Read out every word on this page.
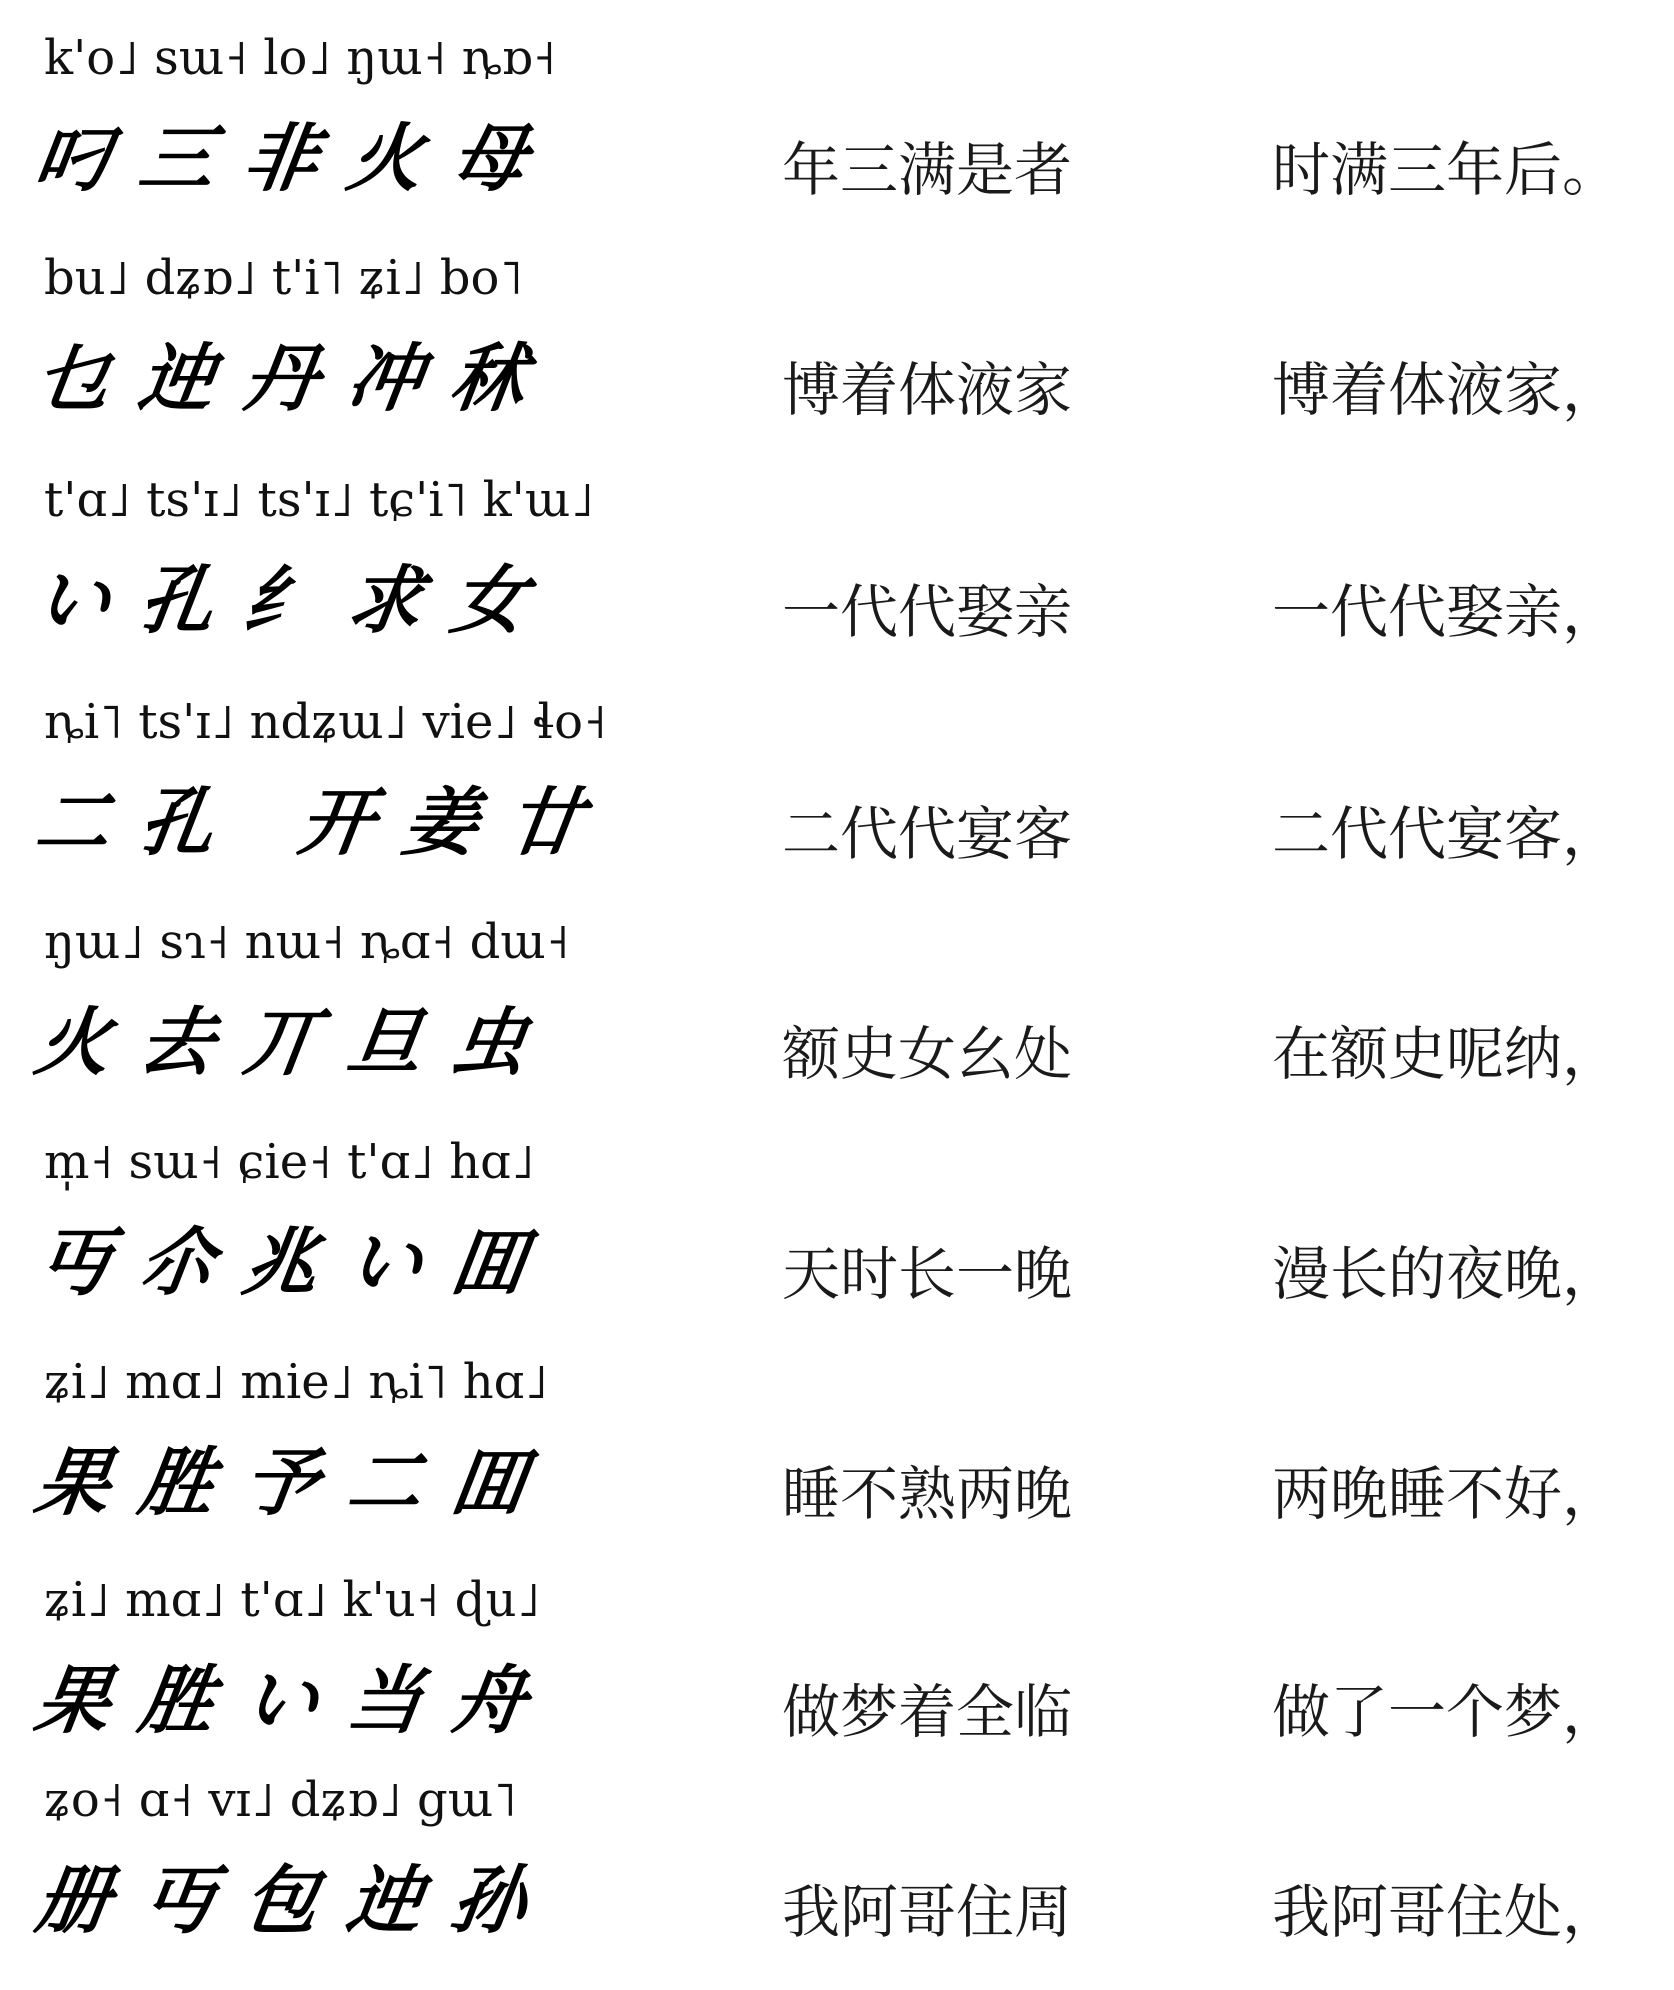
k'o˩ sɯ˧ lo˩ ŋɯ˧ ȵɒ˧
叼三非火母	年三满是者	时满三年后。
bu˩ dʑɒ˩ t'i˥ ʑi˩ bo˥
乜迚丹冲秫	博着体液家	博着体液家，
t'ɑ˩ ts'ɪ˩ ts'ɪ˩ tɕ'i˥ k'ɯ˩
い孔纟求女	一代代娶亲	一代代娶亲，
ȵi˥ ts'ɪ˩ ndʑɯ˩ vie˩ ɬo˧
二孔 开姜廿	二代代宴客	二代代宴客，
ŋɯ˩ sɿ˧ nɯ˧ ȵɑ˧ dɯ˧
火去丌旦虫	额史女幺处	在额史呢纳，
m̩˧ sɯ˧ ɕie˧ t'ɑ˩ hɑ˩
丏尒兆い囬	天时长一晚	漫长的夜晚，
ʑi˩ mɑ˩ mie˩ ȵi˥ hɑ˩
果胜予二囬	睡不熟两晚	两晚睡不好，
ʑi˩ mɑ˩ t'ɑ˩ k'u˧ ɖu˩
果胜い当舟	做梦着全临	做了一个梦，
ʑo˧ ɑ˧ vɪ˩ dʑɒ˩ gɯ˥
册丏包迚孙	我阿哥住周	我阿哥住处，
